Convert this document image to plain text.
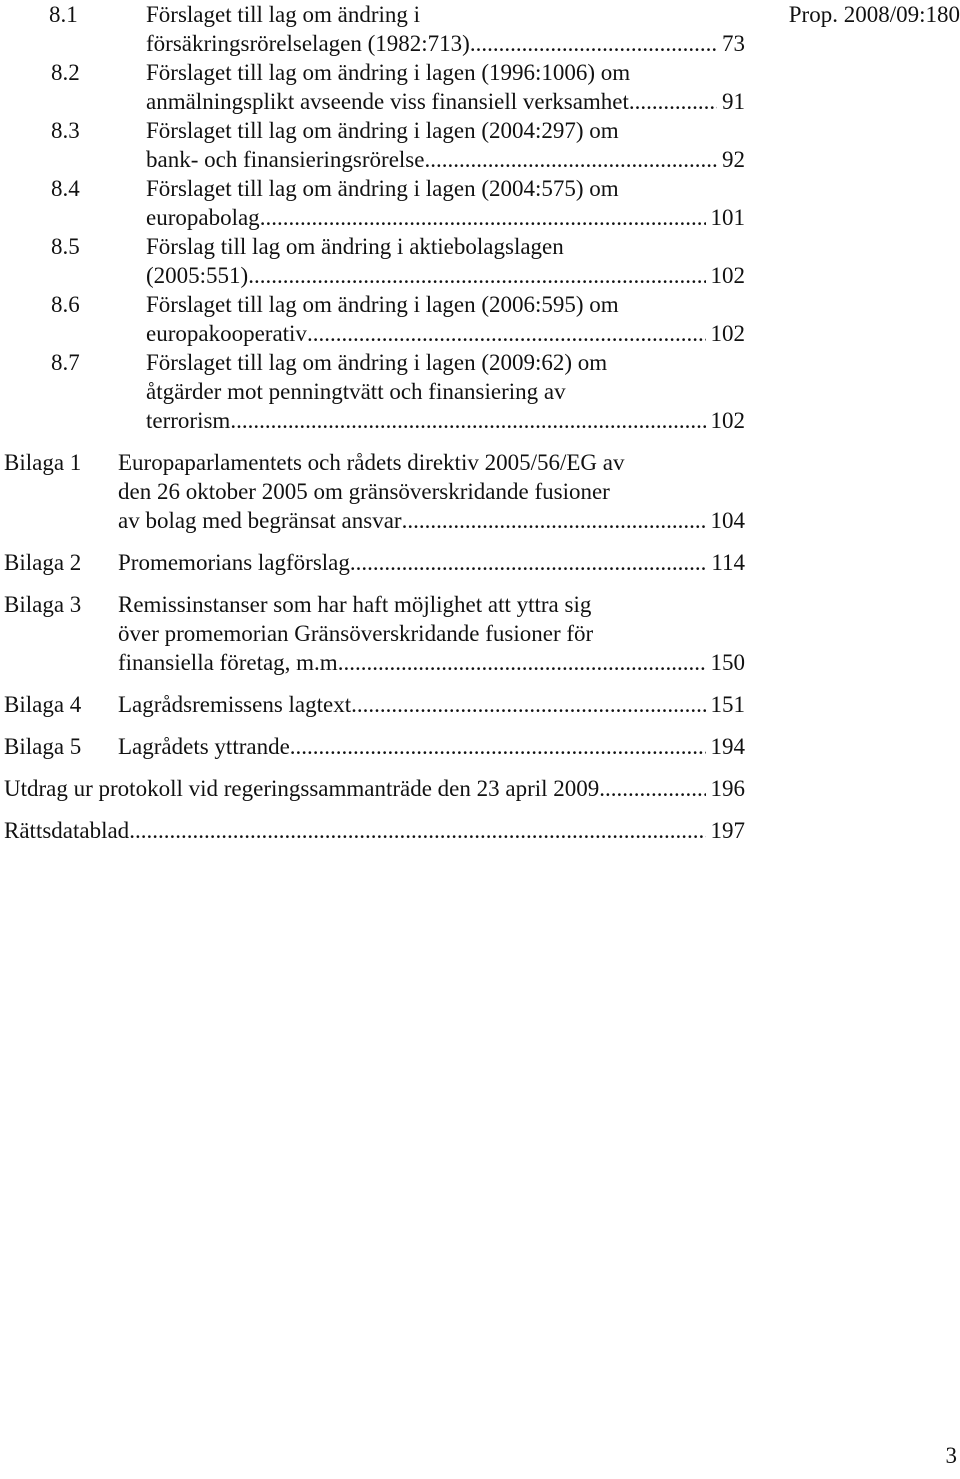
Prop. 2008/09:180
8.1	Förslaget till lag om ändring i
försäkringsrörelselagen (1982:713) .....	73
8.2	Förslaget till lag om ändring i lagen (1996:1006) om
anmälningsplikt avseende viss finansiell verksamhet .....	91
8.3	Förslaget till lag om ändring i lagen (2004:297) om
bank- och finansieringsrörelse .....	92
8.4	Förslaget till lag om ändring i lagen (2004:575) om
europabolag .....	101
8.5	Förslag till lag om ändring i aktiebolagslagen
(2005:551) .....	102
8.6	Förslaget till lag om ändring i lagen (2006:595) om
europakooperativ .....	102
8.7	Förslaget till lag om ändring i lagen (2009:62) om
åtgärder mot penningtvätt och finansiering av
terrorism .....	102
Bilaga 1 Europaparlamentets och rådets direktiv 2005/56/EG av
den 26 oktober 2005 om gränsöverskridande fusioner
av bolag med begränsat ansvar .....	104
Bilaga 2 Promemorians lagförslag .....	114
Bilaga 3 Remissinstanser som har haft möjlighet att yttra sig
över promemorian Gränsöverskridande fusioner för
finansiella företag, m.m. .....	150
Bilaga 4 Lagrådsremissens lagtext .....	151
Bilaga 5 Lagrådets yttrande .....	194
Utdrag ur protokoll vid regeringssammanträde den 23 april 2009 .....	196
Rättsdatablad .....	197
3
